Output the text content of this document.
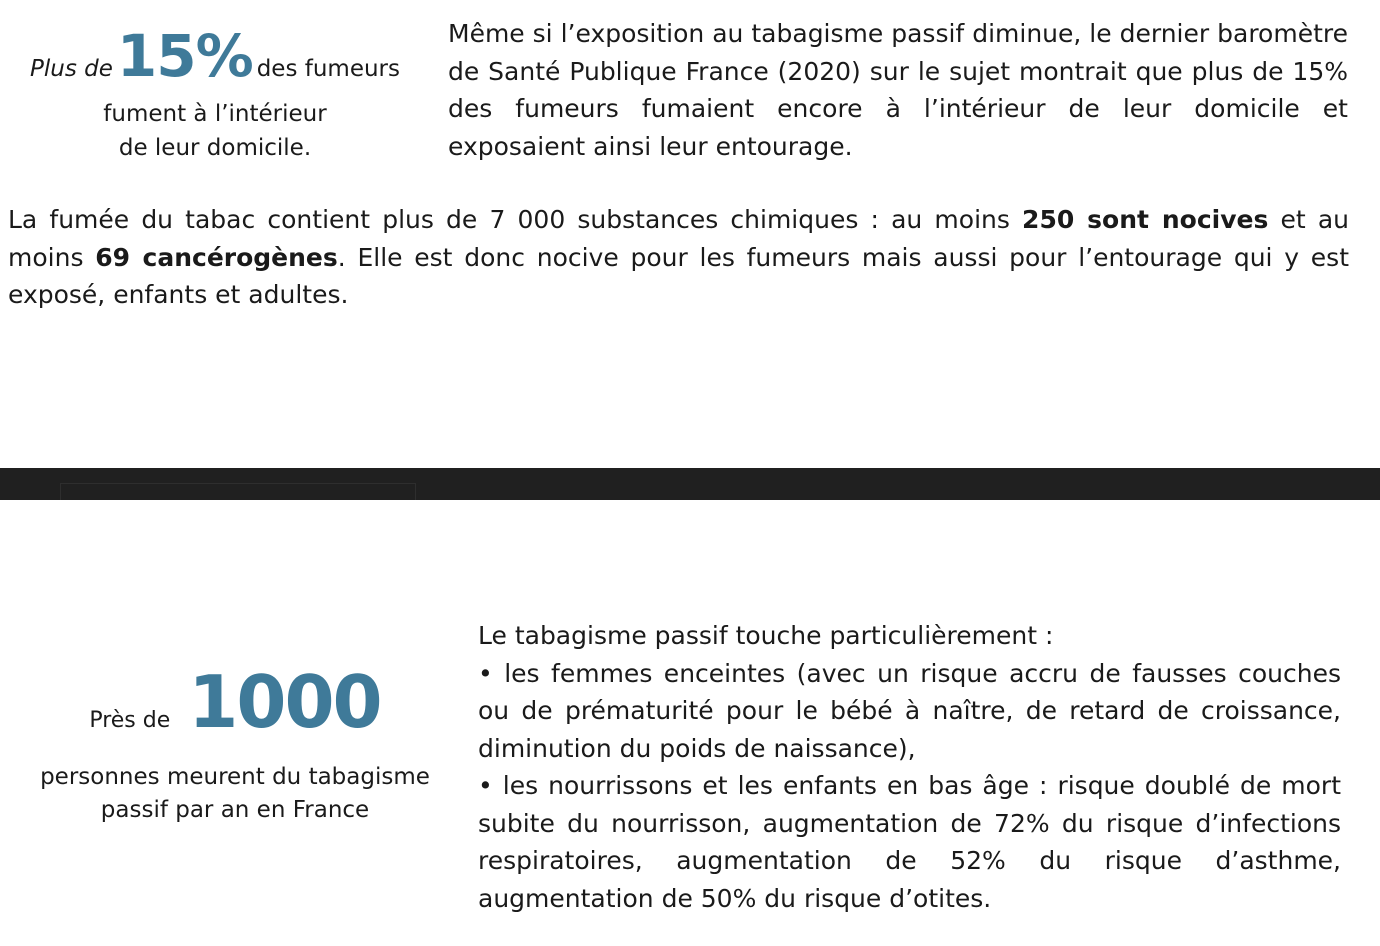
Plus de 15% des fumeurs
fument à l’intérieur
de leur domicile.

Même si l’exposition au tabagisme passif diminue, le dernier baromètre de Santé Publique France (2020) sur le sujet montrait que plus de 15% des fumeurs fumaient encore à l’intérieur de leur domicile et exposaient ainsi leur entourage.

La fumée du tabac contient plus de 7 000 substances chimiques : au moins 250 sont nocives et au moins 69 cancérogènes. Elle est donc nocive pour les fumeurs mais aussi pour l’entourage qui y est exposé, enfants et adultes.

Près de 1000
personnes meurent du tabagisme
passif par an en France

Le tabagisme passif touche particulièrement :
• les femmes enceintes (avec un risque accru de fausses couches ou de prématurité pour le bébé à naître, de retard de croissance, diminution du poids de naissance),
• les nourrissons et les enfants en bas âge : risque doublé de mort subite du nourrisson, augmentation de 72% du risque d’infections respiratoires, augmentation de 52% du risque d’asthme, augmentation de 50% du risque d’otites.
